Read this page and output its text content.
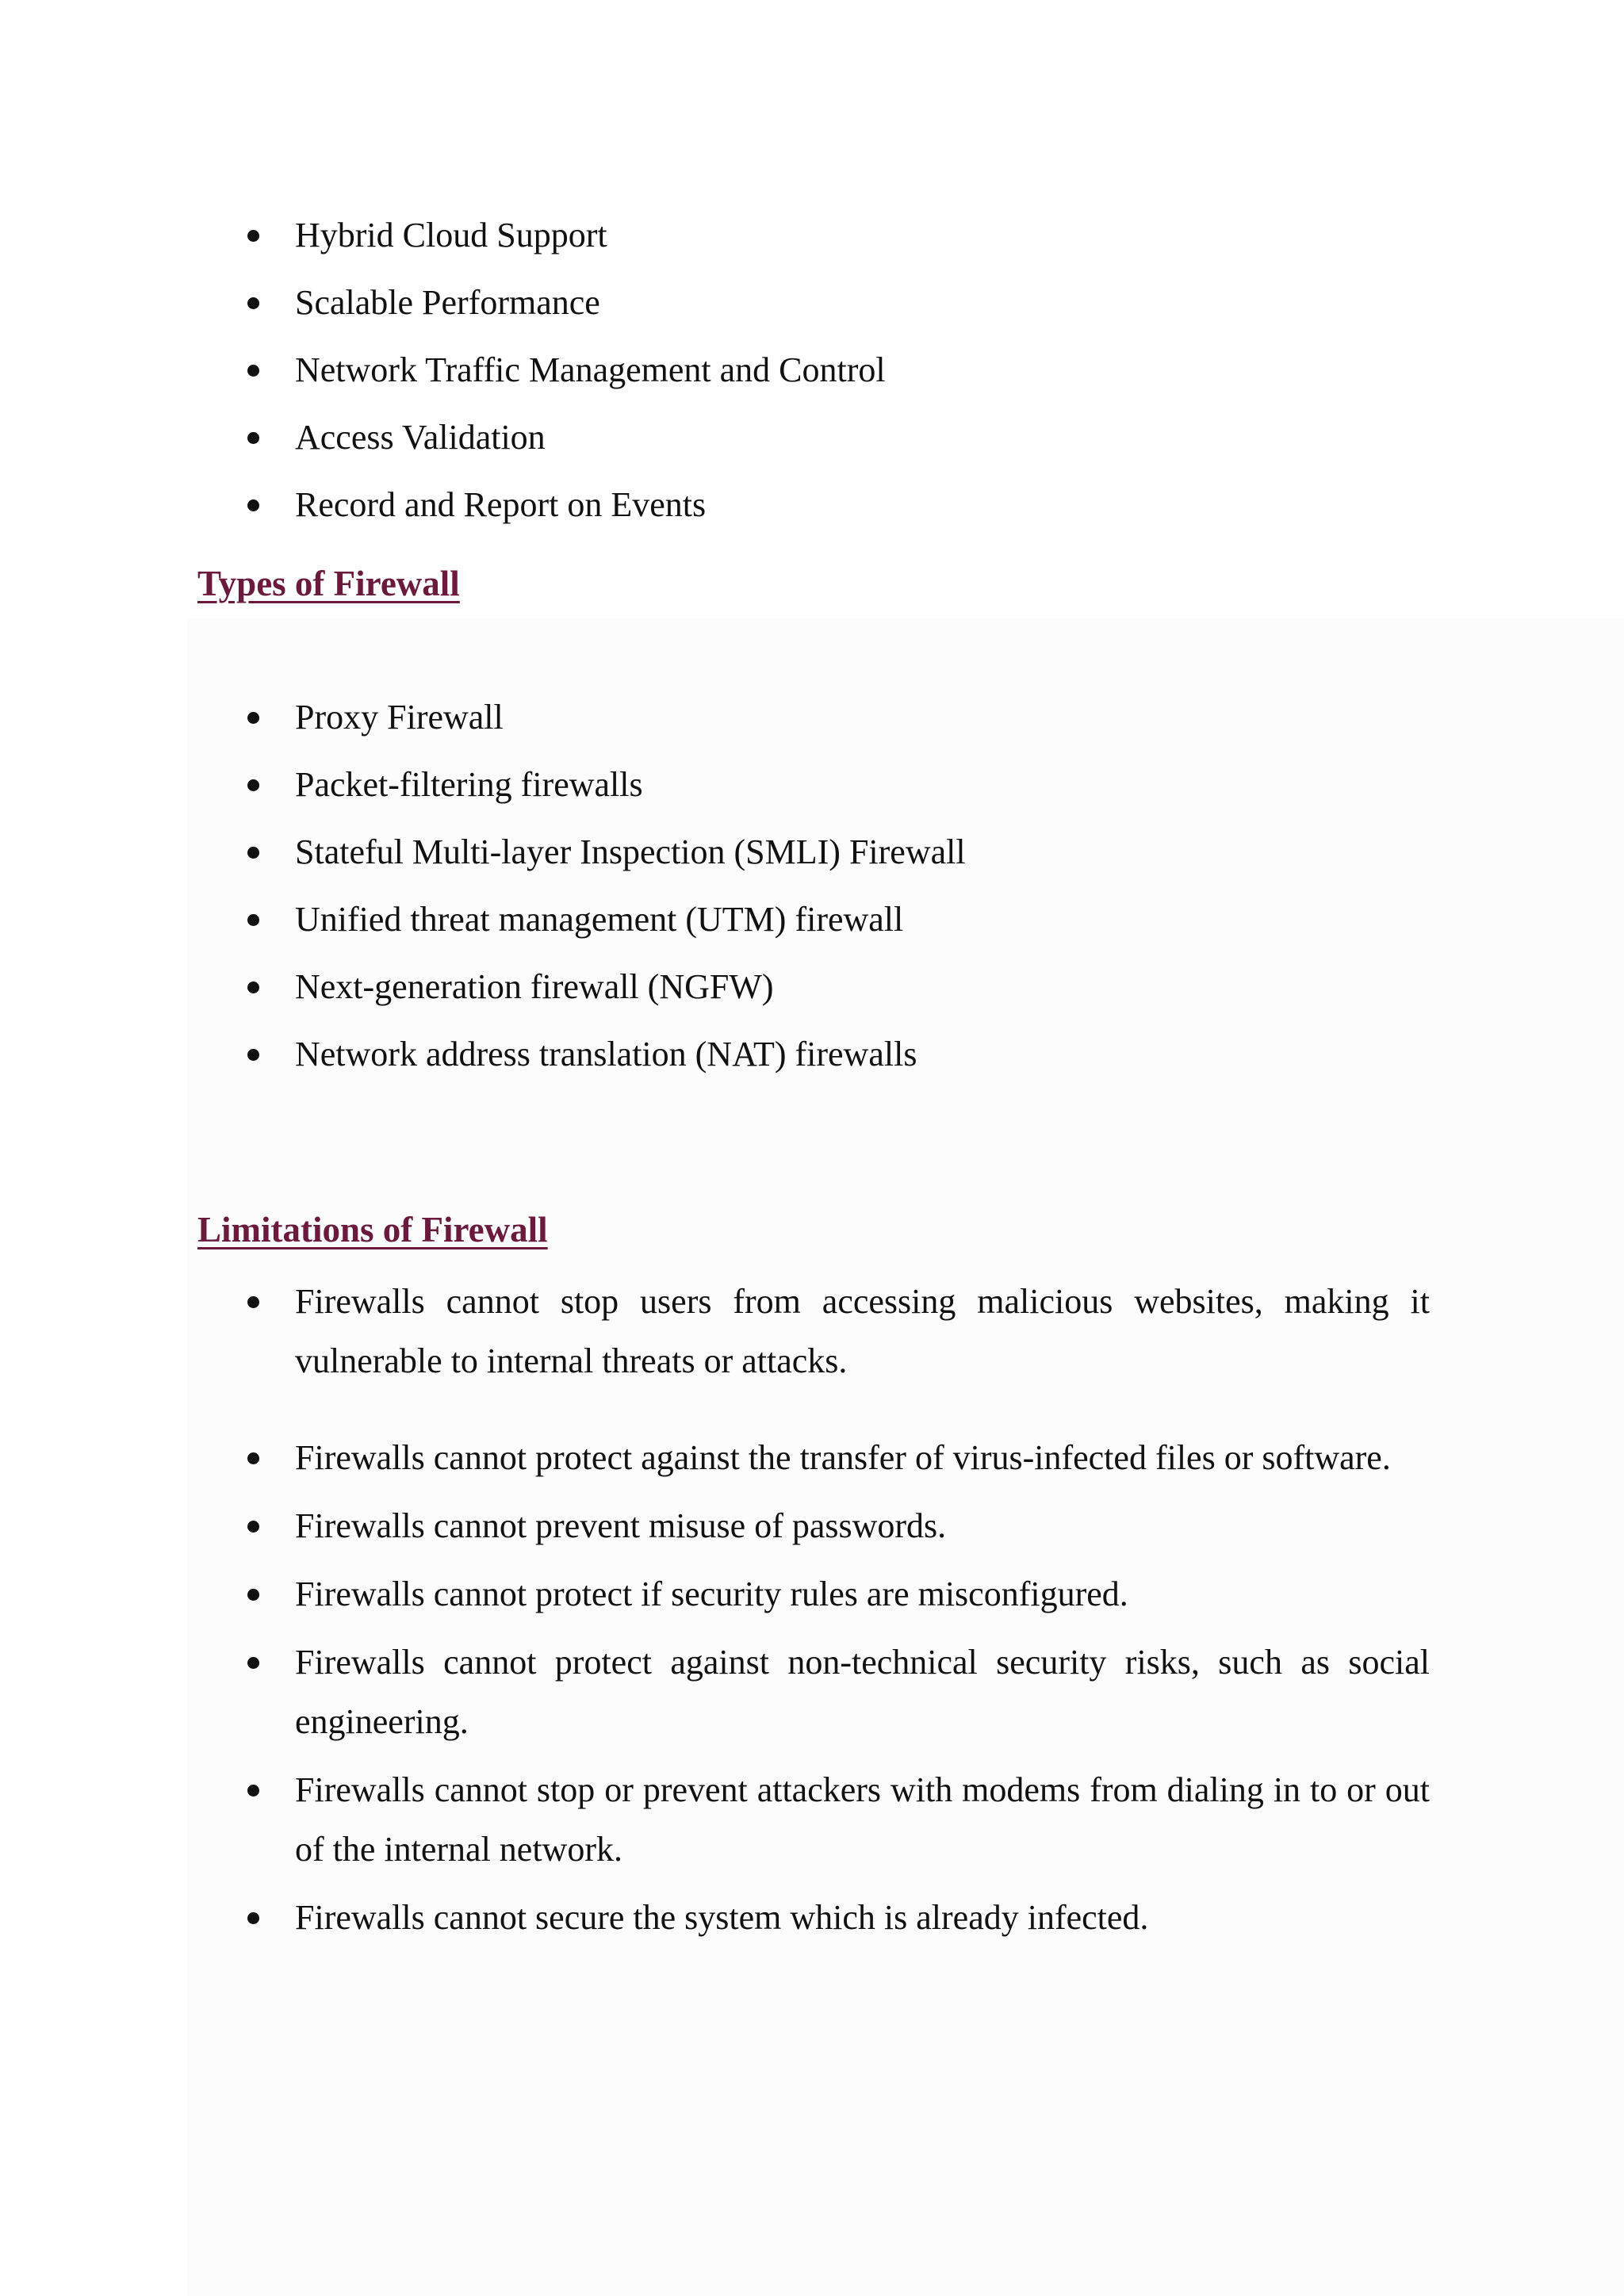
Hybrid Cloud Support
Scalable Performance
Network Traffic Management and Control
Access Validation
Record and Report on Events
Types of Firewall
Proxy Firewall
Packet-filtering firewalls
Stateful Multi-layer Inspection (SMLI) Firewall
Unified threat management (UTM) firewall
Next-generation firewall (NGFW)
Network address translation (NAT) firewalls
Limitations of Firewall
Firewalls cannot stop users from accessing malicious websites, making it vulnerable to internal threats or attacks.
Firewalls cannot protect against the transfer of virus-infected files or software.
Firewalls cannot prevent misuse of passwords.
Firewalls cannot protect if security rules are misconfigured.
Firewalls cannot protect against non-technical security risks, such as social engineering.
Firewalls cannot stop or prevent attackers with modems from dialing in to or out of the internal network.
Firewalls cannot secure the system which is already infected.
